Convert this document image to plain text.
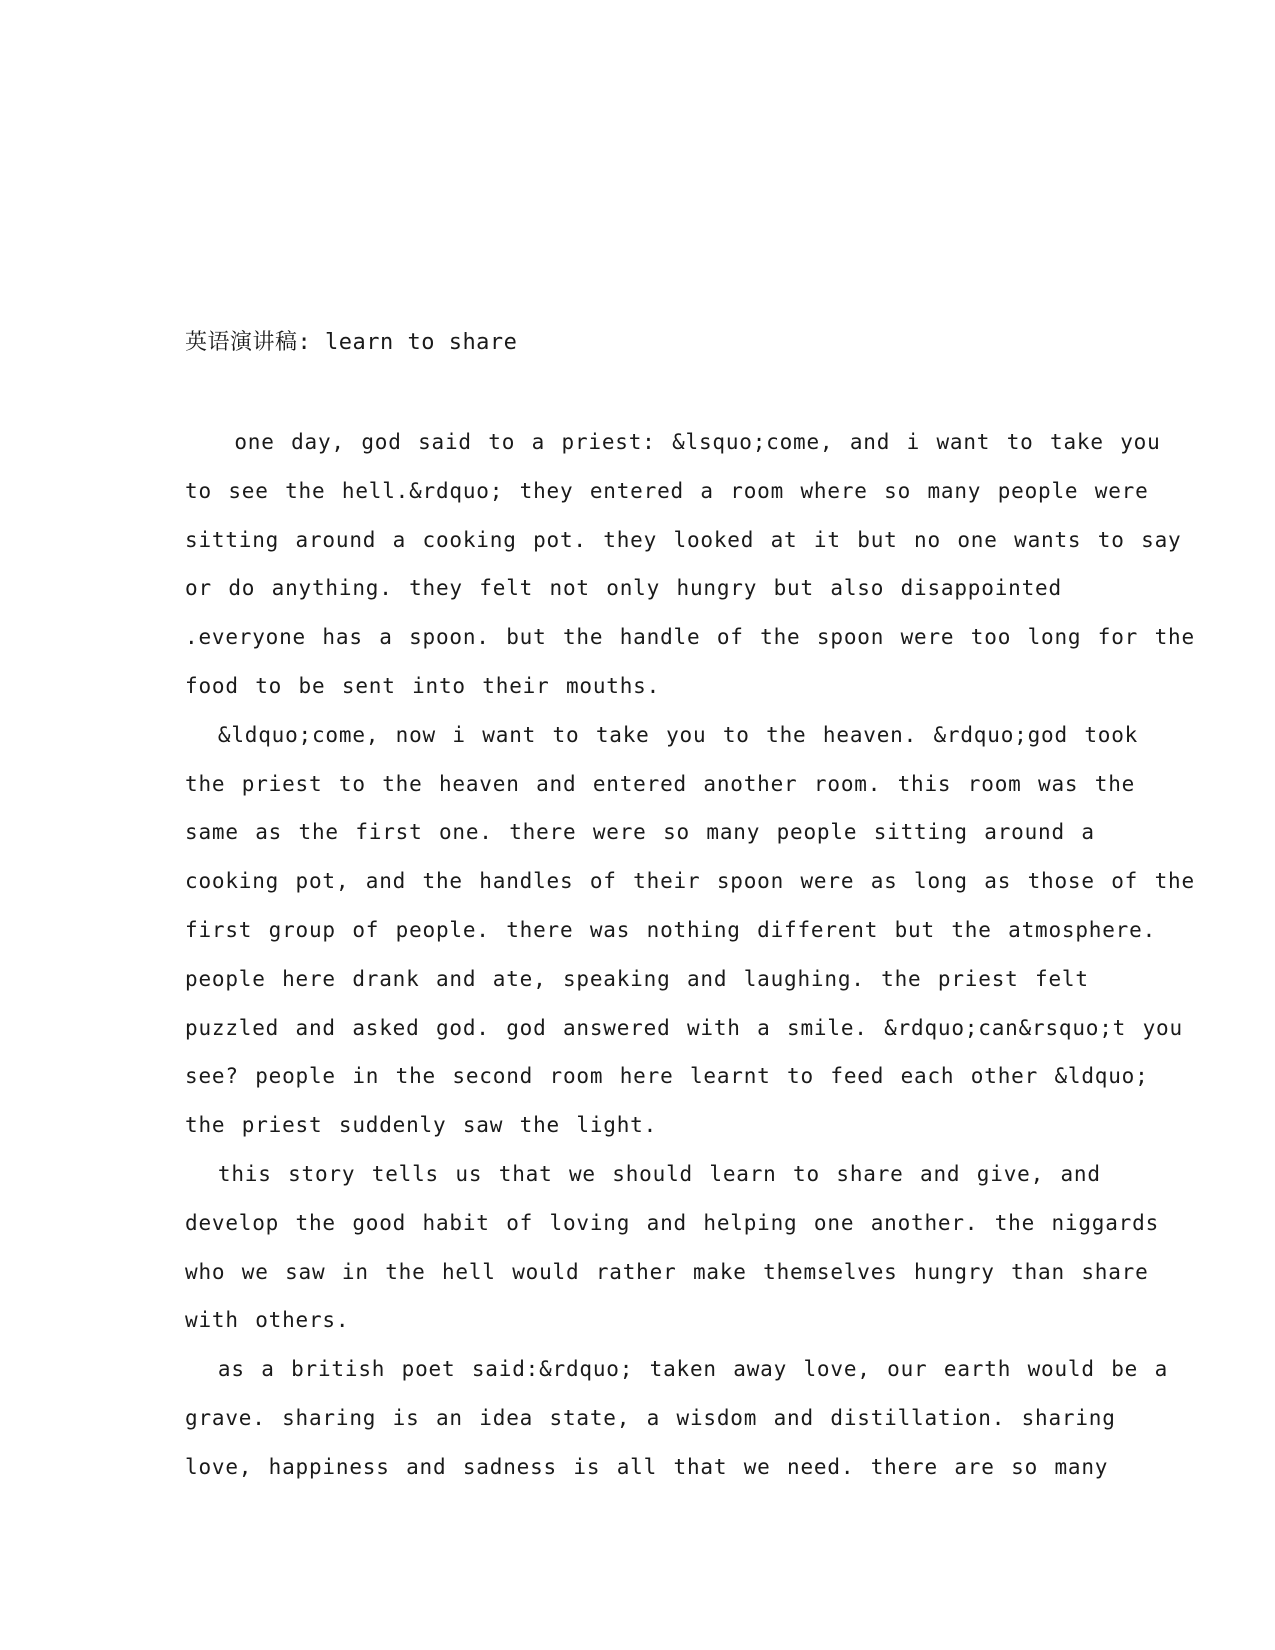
英语演讲稿: learn to share
one day, god said to a priest: &lsquo;come, and i want to take you
to see the hell.&rdquo; they entered a room where so many people were
sitting around a cooking pot. they looked at it but no one wants to say
or do anything. they felt not only hungry but also disappointed
.everyone has a spoon. but the handle of the spoon were too long for the
food to be sent into their mouths.
&ldquo;come, now i want to take you to the heaven. &rdquo;god took
the priest to the heaven and entered another room. this room was the
same as the first one. there were so many people sitting around a
cooking pot, and the handles of their spoon were as long as those of the
first group of people. there was nothing different but the atmosphere.
people here drank and ate, speaking and laughing. the priest felt
puzzled and asked god. god answered with a smile. &rdquo;can&rsquo;t you
see? people in the second room here learnt to feed each other &ldquo;
the priest suddenly saw the light.
this story tells us that we should learn to share and give, and
develop the good habit of loving and helping one another. the niggards
who we saw in the hell would rather make themselves hungry than share
with others.
as a british poet said:&rdquo; taken away love, our earth would be a
grave. sharing is an idea state, a wisdom and distillation. sharing
love, happiness and sadness is all that we need. there are so many
